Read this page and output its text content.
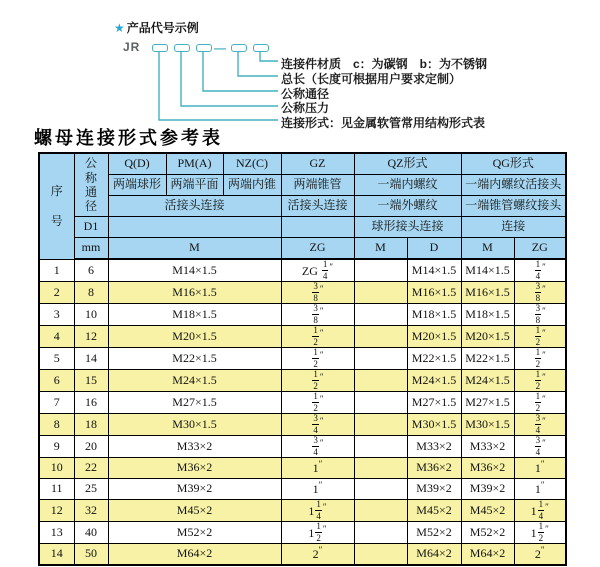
★ 产品代号示例
JR	—
连接件材质　c：为碳钢　b：为不锈钢
总长（长度可根据用户要求定制）
公称通径
公称压力
连接形式：见金属软管常用结构形式表
螺母连接形式参考表
序号	公称通径	Q(D)	PM(A)	NZ(C)	GZ	QZ形式		QG形式	
		两端球形	两端平面	两端内锥	两端锥管	一端内螺纹		一端内螺纹活接头	
		活接头连接			活接头连接	一端外螺纹		一端锥管螺纹接头	
	D1					球形接头连接		连接	
	mm	M			ZG	M	D	M	ZG
1	6	M14×1.5			ZG $\frac{1}{4} ''$		M14×1.5	M14×1.5	$\frac{1}{4} ''$
2	8	M16×1.5			$\frac{3}{8} ''$		M16×1.5	M16×1.5	$\frac{3}{8} ''$
3	10	M18×1.5			$\frac{3}{8} ''$		M18×1.5	M18×1.5	$\frac{3}{8} ''$
4	12	M20×1.5			$\frac{1}{2} ''$		M20×1.5	M20×1.5	$\frac{1}{2} ''$
5	14	M22×1.5			$\frac{1}{2} ''$		M22×1.5	M22×1.5	$\frac{1}{2} ''$
6	15	M24×1.5			$\frac{1}{2} ''$		M24×1.5	M24×1.5	$\frac{1}{2} ''$
7	16	M27×1.5			$\frac{1}{2} ''$		M27×1.5	M27×1.5	$\frac{1}{2} ''$
8	18	M30×1.5			$\frac{3}{4} ''$		M30×1.5	M30×1.5	$\frac{3}{4} ''$
9	20	M33×2			$\frac{3}{4} ''$		M33×2	M33×2	$\frac{3}{4} ''$
10	22	M36×2			1″		M36×2	M36×2	1″
11	25	M39×2			1″		M39×2	M39×2	1″
12	32	M45×2			$1 \frac{1}{4} ''$		M45×2	M45×2	$1 \frac{1}{4} ''$
13	40	M52×2			$1 \frac{1}{2} ''$		M52×2	M52×2	$1 \frac{1}{2} ''$
14	50	M64×2			2″		M64×2	M64×2	2″
